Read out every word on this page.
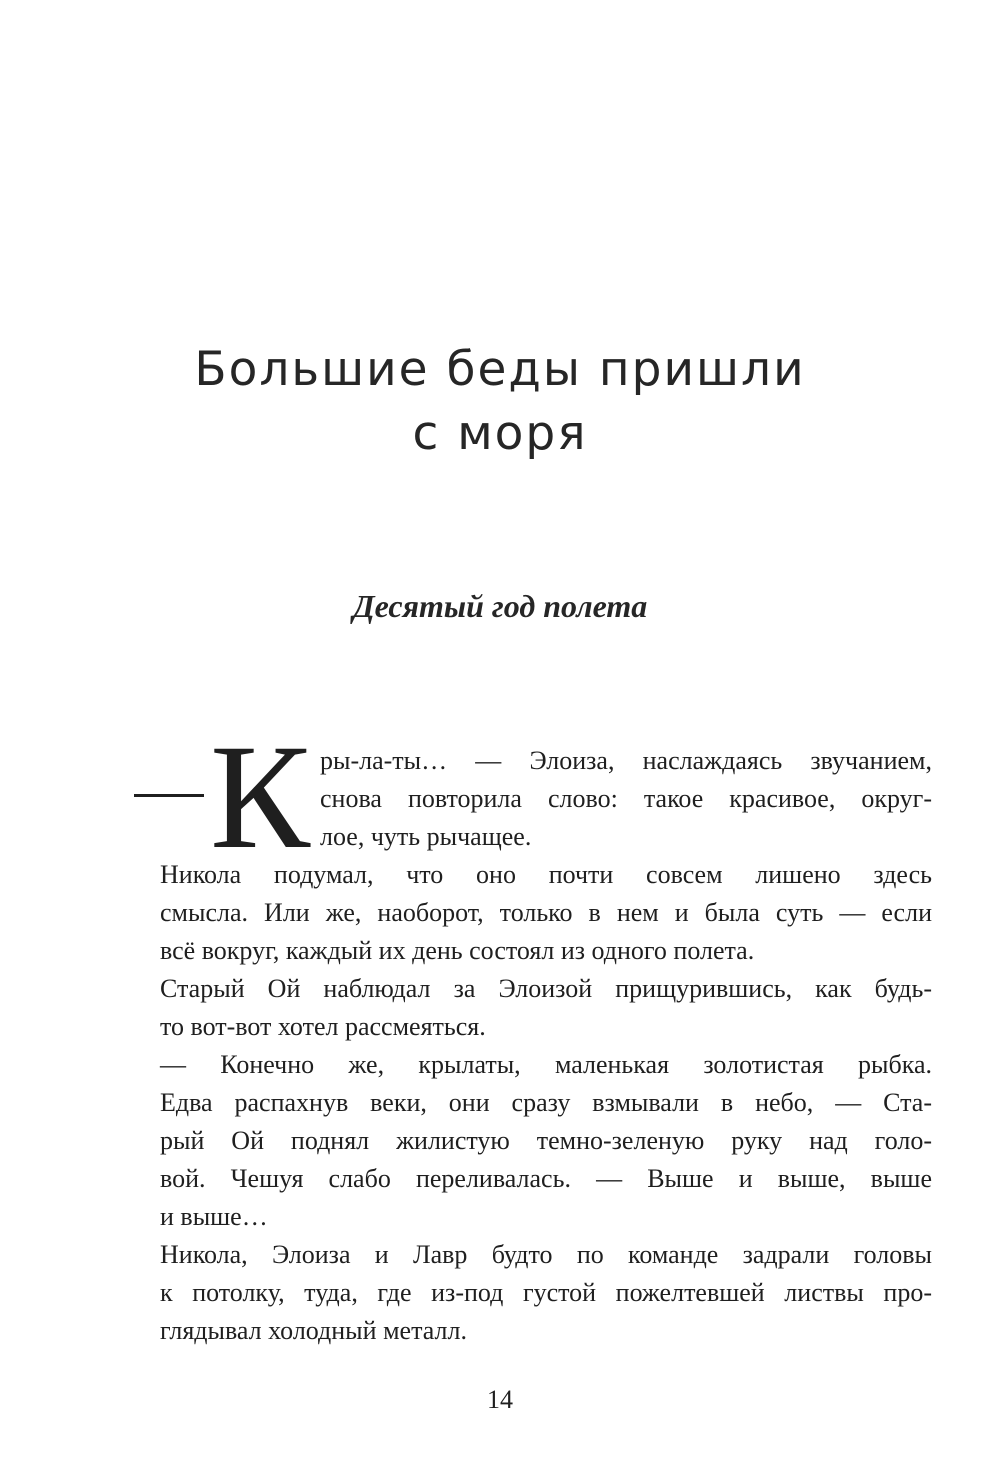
Большие беды пришли
с моря
Десятый год полета
К ры-ла-ты… — Элоиза, наслаждаясь звучанием,
снова повторила слово: такое красивое, округ-
лое, чуть рычащее.

Никола подумал, что оно почти совсем лишено здесь
смысла. Или же, наоборот, только в нем и была суть — если
всё вокруг, каждый их день состоял из одного полета.

Старый Ой наблюдал за Элоизой прищурившись, как будь-
то вот-вот хотел рассмеяться.

— Конечно же, крылаты, маленькая золотистая рыбка.
Едва распахнув веки, они сразу взмывали в небо, — Ста-
рый Ой поднял жилистую темно-зеленую руку над голо-
вой. Чешуя слабо переливалась. — Выше и выше, выше
и выше…

Никола, Элоиза и Лавр будто по команде задрали головы
к потолку, туда, где из-под густой пожелтевшей листвы про-
глядывал холодный металл.

14
